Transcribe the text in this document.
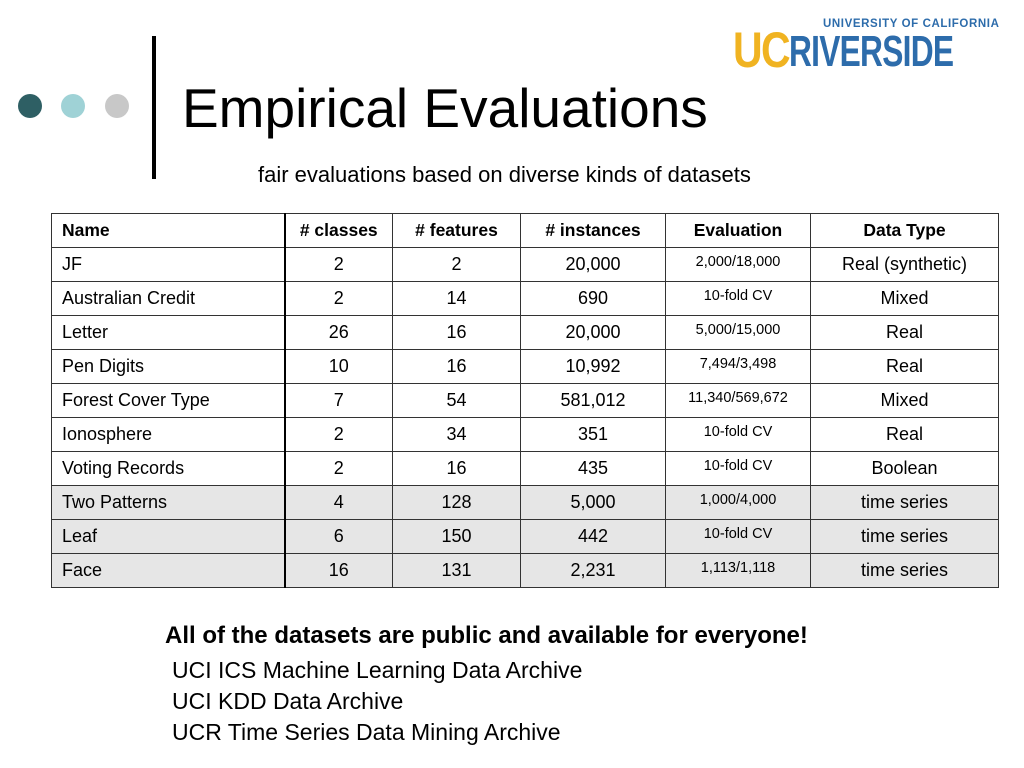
Empirical Evaluations
fair evaluations based on diverse kinds of datasets
UNIVERSITY OF CALIFORNIA
UC RIVERSIDE
Name	# classes	# features	# instances	Evaluation	Data Type
JF	2	2	20,000	2,000/18,000	Real (synthetic)
Australian Credit	2	14	690	10-fold CV	Mixed
Letter	26	16	20,000	5,000/15,000	Real
Pen Digits	10	16	10,992	7,494/3,498	Real
Forest Cover Type	7	54	581,012	11,340/569,672	Mixed
Ionosphere	2	34	351	10-fold CV	Real
Voting Records	2	16	435	10-fold CV	Boolean
Two Patterns	4	128	5,000	1,000/4,000	time series
Leaf	6	150	442	10-fold CV	time series
Face	16	131	2,231	1,113/1,118	time series
All of the datasets are public and available for everyone!
UCI ICS Machine Learning Data Archive
UCI KDD Data Archive
UCR Time Series Data Mining Archive
